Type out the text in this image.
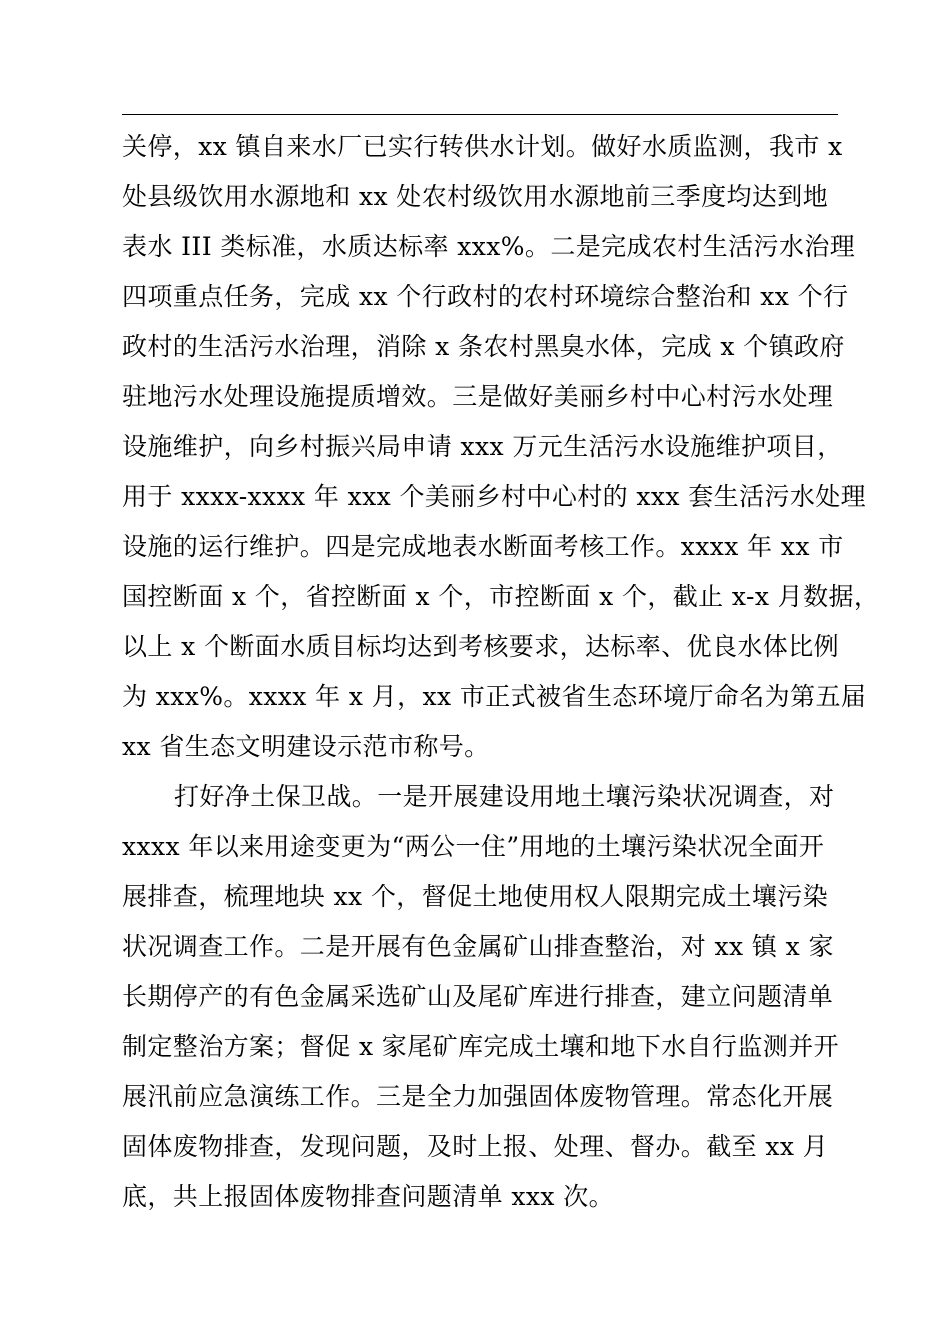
关停，xx 镇自来水厂已实行转供水计划。做好水质监测，我市 x
处县级饮用水源地和 xx 处农村级饮用水源地前三季度均达到地
表水 III 类标准，水质达标率 xxx%。二是完成农村生活污水治理
四项重点任务，完成 xx 个行政村的农村环境综合整治和 xx 个行
政村的生活污水治理，消除 x 条农村黑臭水体，完成 x 个镇政府
驻地污水处理设施提质增效。三是做好美丽乡村中心村污水处理
设施维护，向乡村振兴局申请 xxx 万元生活污水设施维护项目，
用于 xxxx-xxxx 年 xxx 个美丽乡村中心村的 xxx 套生活污水处理
设施的运行维护。四是完成地表水断面考核工作。xxxx 年 xx 市
国控断面 x 个，省控断面 x 个，市控断面 x 个，截止 x-x 月数据，
以上 x 个断面水质目标均达到考核要求，达标率、优良水体比例
为 xxx%。xxxx 年 x 月，xx 市正式被省生态环境厅命名为第五届
xx 省生态文明建设示范市称号。
打好净土保卫战。一是开展建设用地土壤污染状况调查，对
xxxx 年以来用途变更为“两公一住”用地的土壤污染状况全面开
展排查，梳理地块 xx 个，督促土地使用权人限期完成土壤污染
状况调查工作。二是开展有色金属矿山排查整治，对 xx 镇 x 家
长期停产的有色金属采选矿山及尾矿库进行排查，建立问题清单
制定整治方案；督促 x 家尾矿库完成土壤和地下水自行监测并开
展汛前应急演练工作。三是全力加强固体废物管理。常态化开展
固体废物排查，发现问题，及时上报、处理、督办。截至 xx 月
底，共上报固体废物排查问题清单 xxx 次。
